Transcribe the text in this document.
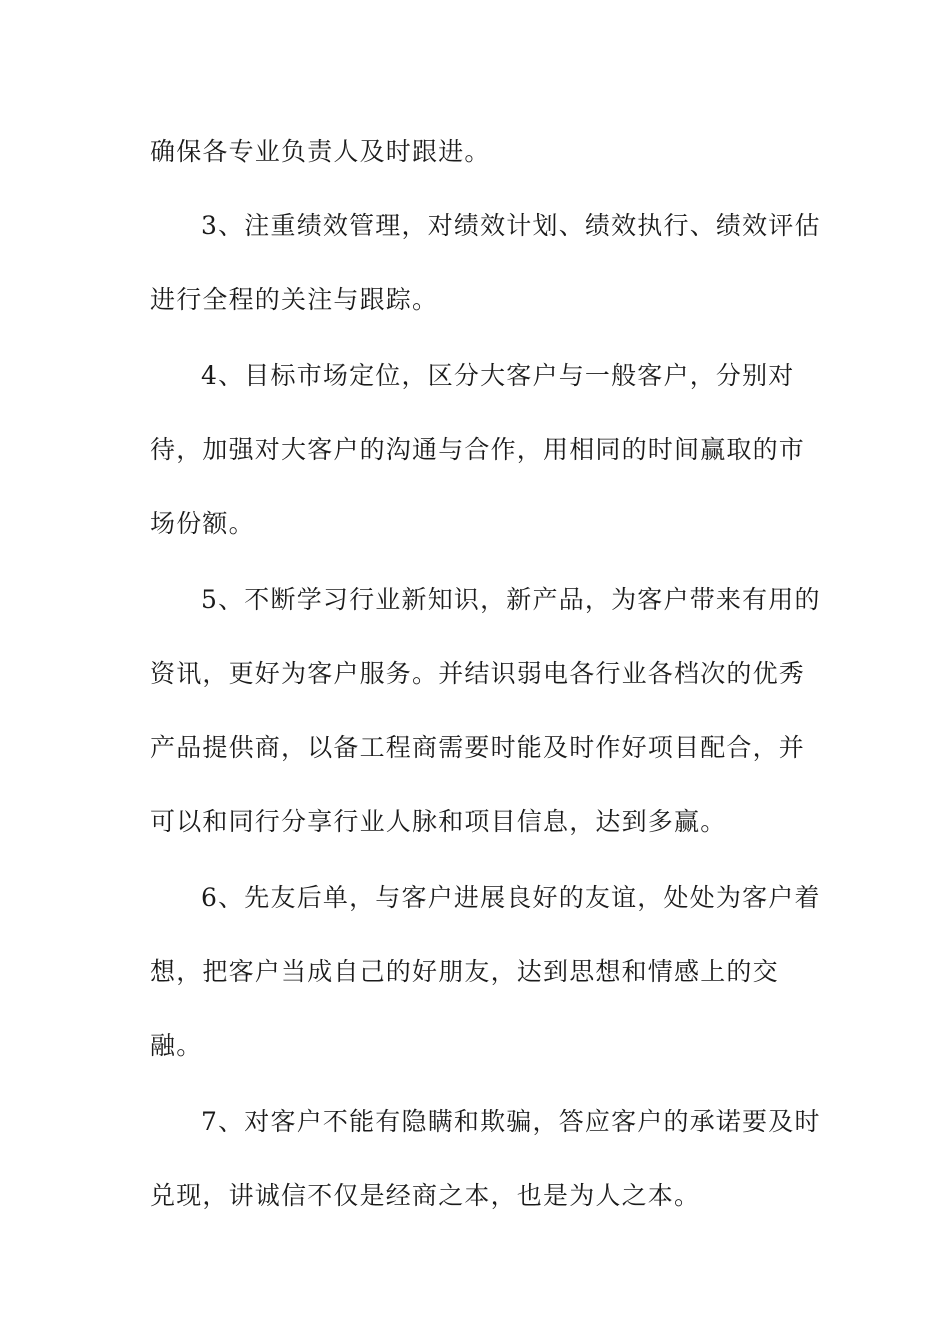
确保各专业负责人及时跟进。
3、注重绩效管理，对绩效计划、绩效执行、绩效评估
进行全程的关注与跟踪。
4、目标市场定位，区分大客户与一般客户，分别对
待，加强对大客户的沟通与合作，用相同的时间赢取的市
场份额。
5、不断学习行业新知识，新产品，为客户带来有用的
资讯，更好为客户服务。并结识弱电各行业各档次的优秀
产品提供商，以备工程商需要时能及时作好项目配合，并
可以和同行分享行业人脉和项目信息，达到多赢。
6、先友后单，与客户进展良好的友谊，处处为客户着
想，把客户当成自己的好朋友，达到思想和情感上的交
融。
7、对客户不能有隐瞒和欺骗，答应客户的承诺要及时
兑现，讲诚信不仅是经商之本，也是为人之本。
